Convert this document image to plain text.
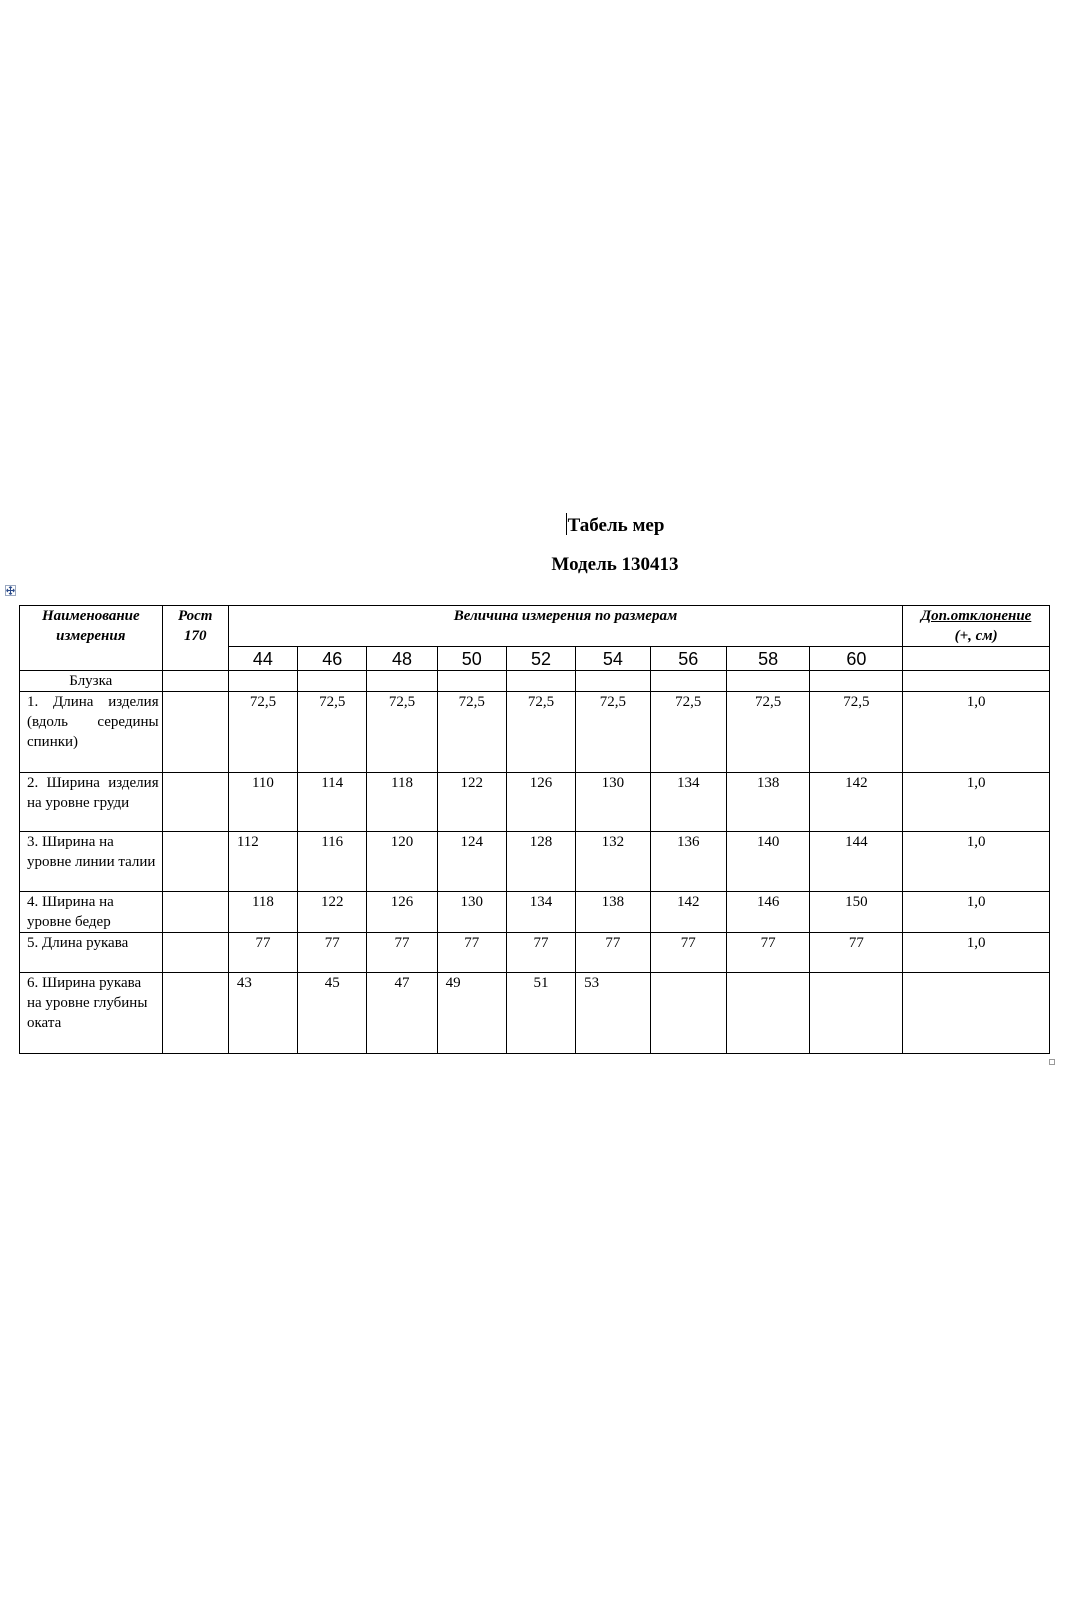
Табель мер
Модель 130413
Наименование измерения	Рост 170	Величина измерения по размерам									Доп.отклонение
(+, см)
		44	46	48	50	52	54	56	58	60	
Блузка											
1. Длина изделия (вдоль середины спинки)		72,5	72,5	72,5	72,5	72,5	72,5	72,5	72,5	72,5	1,0
2. Ширина изделия на уровне груди		110	114	118	122	126	130	134	138	142	1,0
3. Ширина на уровне линии талии		112	116	120	124	128	132	136	140	144	1,0
4. Ширина на уровне бедер		118	122	126	130	134	138	142	146	150	1,0
5. Длина рукава		77	77	77	77	77	77	77	77	77	1,0
6. Ширина рукава на уровне глубины оката		43	45	47	49	51	53				
